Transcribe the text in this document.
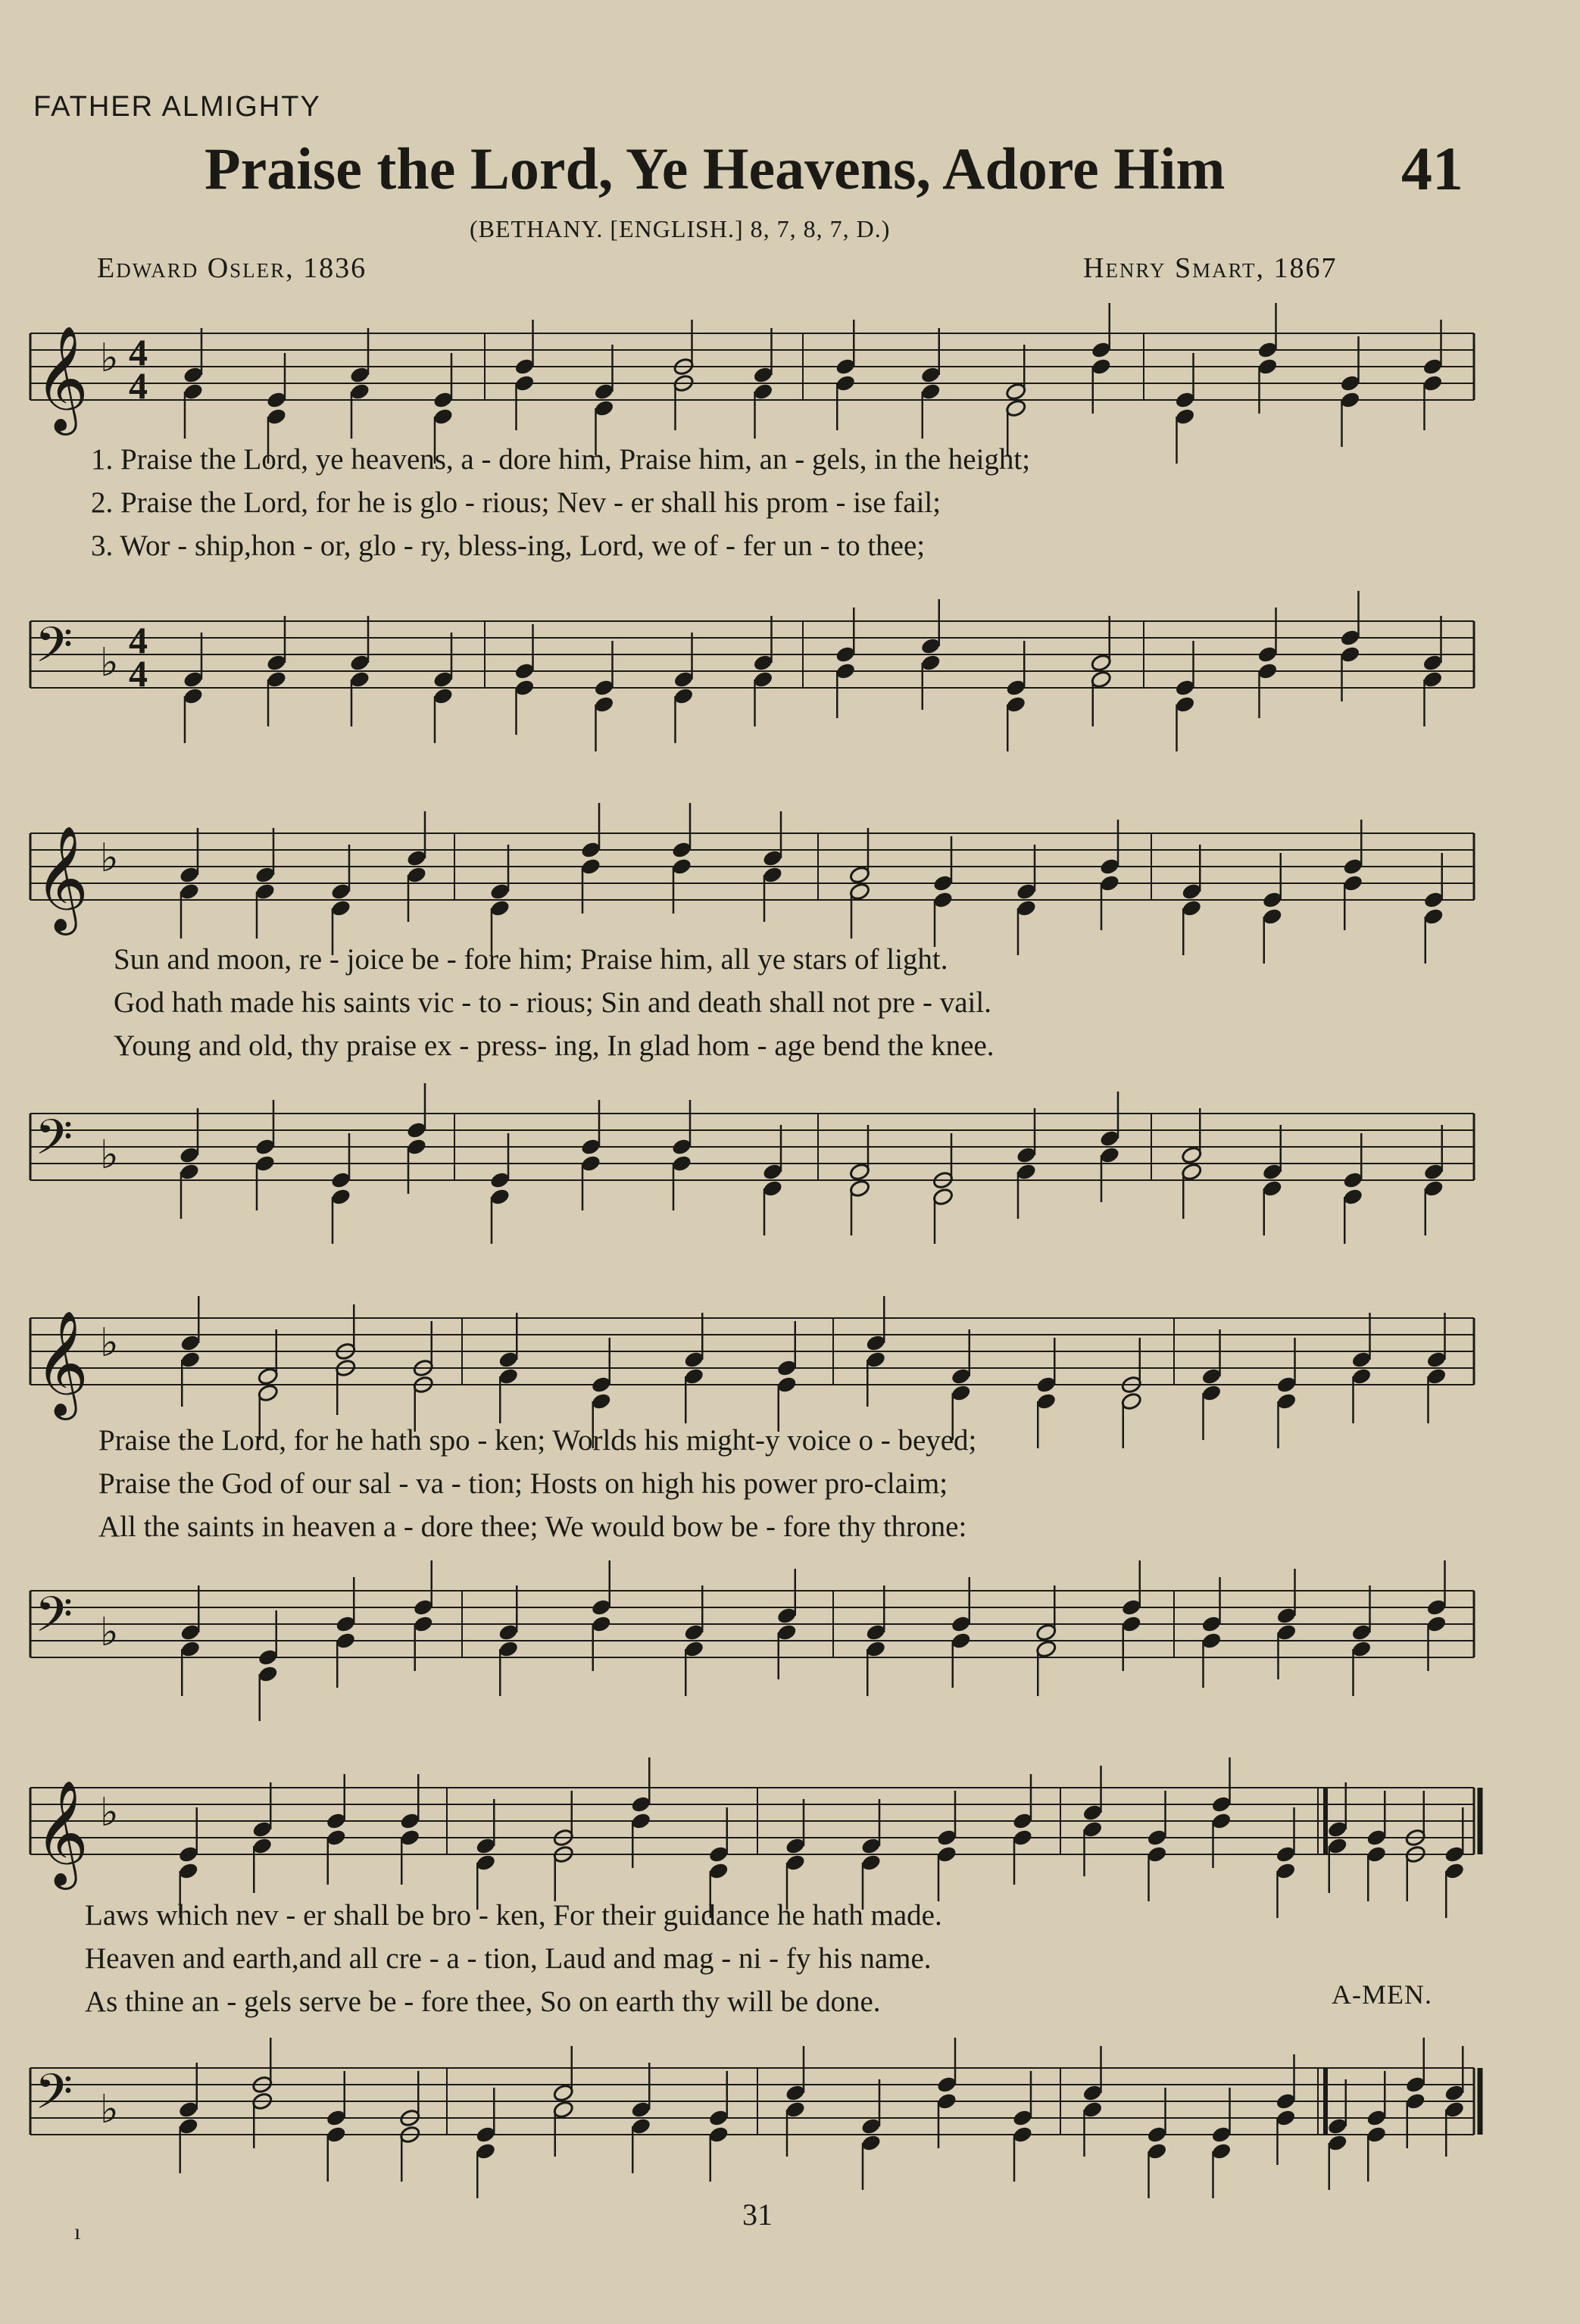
FATHER ALMIGHTY
Praise the Lord, Ye Heavens, Adore Him	41
(BETHANY. [ENGLISH.] 8, 7, 8, 7, D.)
Edward Osler, 1836	Henry Smart, 1867
𝄞 ♭ 4
4
1. Praise the Lord, ye heavens, a - dore him, Praise him, an - gels, in the height;
2. Praise the Lord, for he is glo - rious; Nev - er shall his prom - ise fail;
3. Wor - ship,hon - or, glo - ry, bless-ing, Lord, we of - fer un - to thee;
𝄢 ♭ 4
4
𝄞 ♭
Sun and moon, re - joice be - fore him; Praise him, all ye stars of light.
God hath made his saints vic - to - rious; Sin and death shall not pre - vail.
Young and old, thy praise ex - press- ing, In glad hom - age bend the knee.
𝄢 ♭
𝄞 ♭
Praise the Lord, for he hath spo - ken; Worlds his might-y voice o - beyed;
Praise the God of our sal - va - tion; Hosts on high his power pro-claim;
All the saints in heaven a - dore thee; We would bow be - fore thy throne:
𝄢 ♭
𝄞 ♭
Laws which nev - er shall be bro - ken, For their guidance he hath made.
Heaven and earth,and all cre - a - tion, Laud and mag - ni - fy his name.
As thine an - gels serve be - fore thee, So on earth thy will be done.	A-MEN.
𝄢 ♭
31
ı
